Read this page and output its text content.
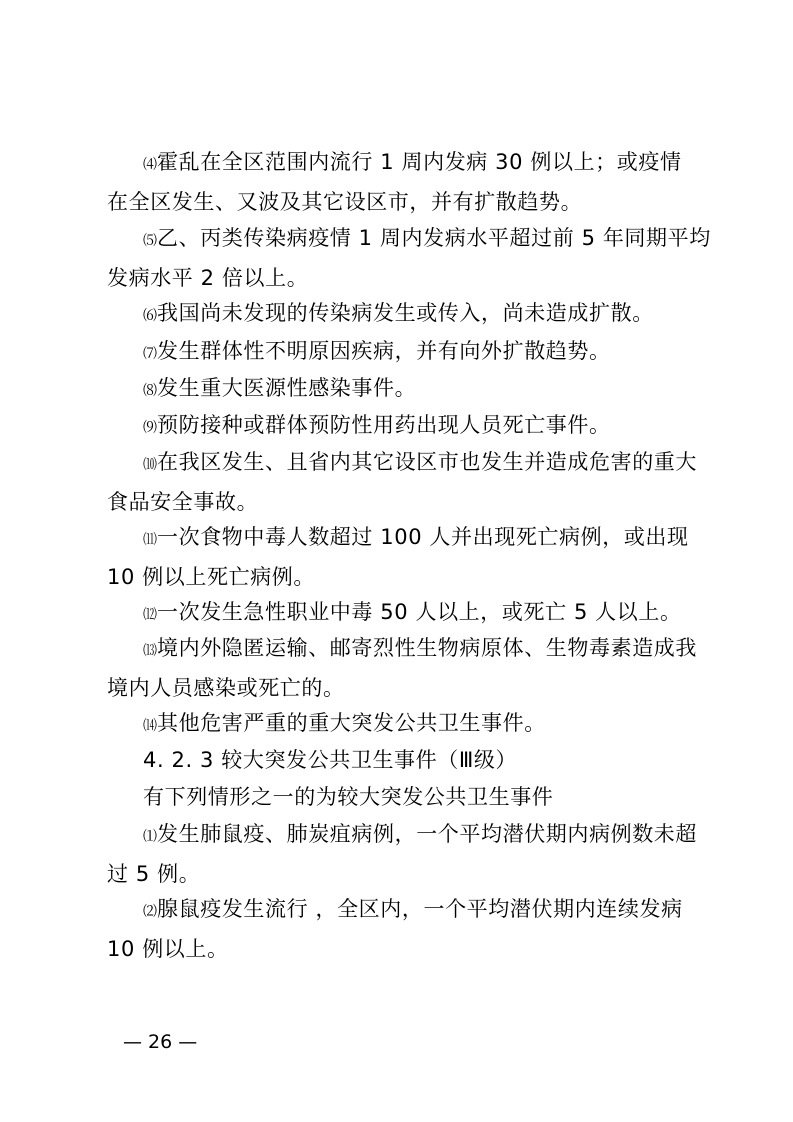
⑷霍乱在全区范围内流行 1 周内发病 30 例以上；或疫情
在全区发生、又波及其它设区市，并有扩散趋势。
⑸乙、丙类传染病疫情 1 周内发病水平超过前 5 年同期平均
发病水平 2 倍以上。
⑹我国尚未发现的传染病发生或传入，尚未造成扩散。
⑺发生群体性不明原因疾病，并有向外扩散趋势。
⑻发生重大医源性感染事件。
⑼预防接种或群体预防性用药出现人员死亡事件。
⑽在我区发生、且省内其它设区市也发生并造成危害的重大
食品安全事故。
⑾一次食物中毒人数超过 100 人并出现死亡病例，或出现
10 例以上死亡病例。
⑿一次发生急性职业中毒 50 人以上，或死亡 5 人以上。
⒀境内外隐匿运输、邮寄烈性生物病原体、生物毒素造成我
境内人员感染或死亡的。
⒁其他危害严重的重大突发公共卫生事件。
4. 2. 3 较大突发公共卫生事件（Ⅲ级）
有下列情形之一的为较大突发公共卫生事件
⑴发生肺鼠疫、肺炭疽病例，一个平均潜伏期内病例数未超
过 5 例。
⑵腺鼠疫发生流行 ，全区内，一个平均潜伏期内连续发病
10 例以上。
— 26 —
